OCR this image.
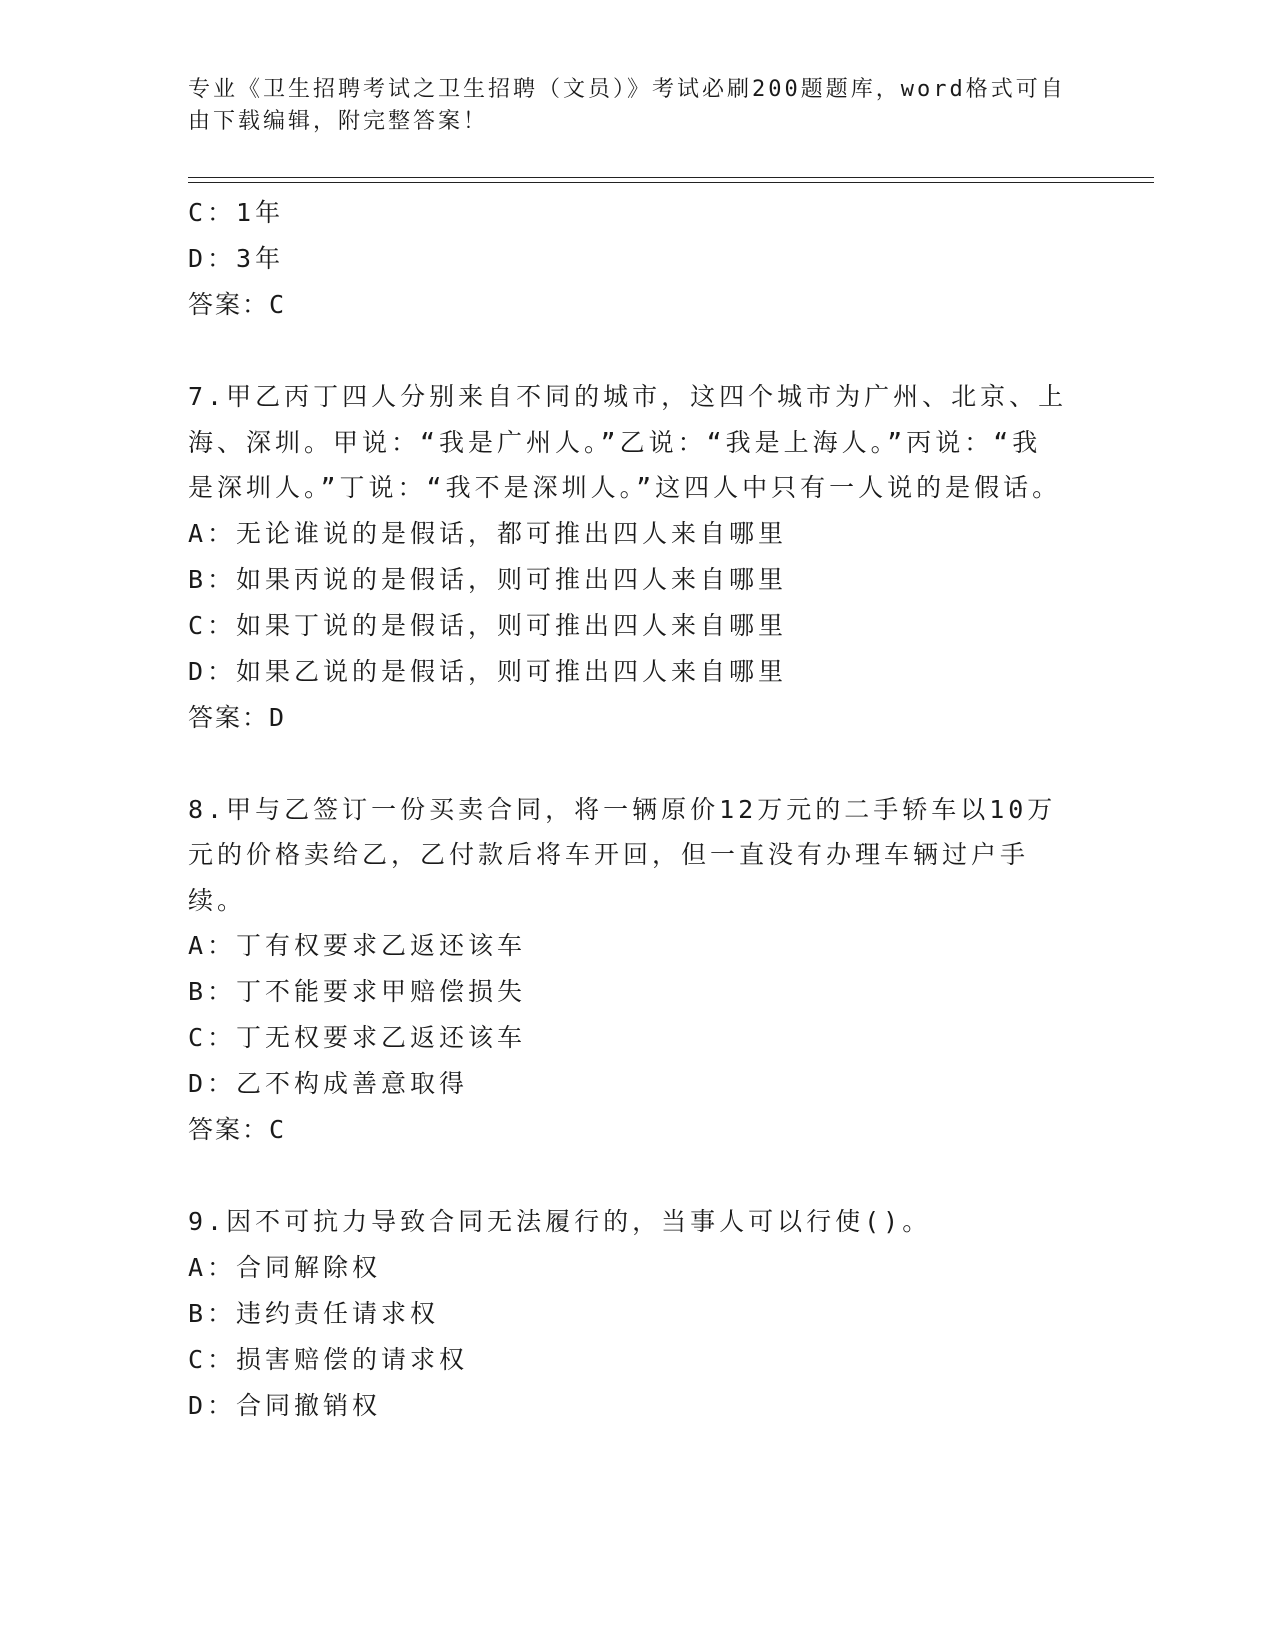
专业《卫生招聘考试之卫生招聘（文员）》考试必刷200题题库，word格式可自由下载编辑，附完整答案！
C：1年
D：3年
答案：C
7.甲乙丙丁四人分别来自不同的城市，这四个城市为广州、北京、上海、深圳。甲说：“我是广州人。”乙说：“我是上海人。”丙说：“我是深圳人。”丁说：“我不是深圳人。”这四人中只有一人说的是假话。
A：无论谁说的是假话，都可推出四人来自哪里
B：如果丙说的是假话，则可推出四人来自哪里
C：如果丁说的是假话，则可推出四人来自哪里
D：如果乙说的是假话，则可推出四人来自哪里
答案：D
8.甲与乙签订一份买卖合同，将一辆原价12万元的二手轿车以10万元的价格卖给乙，乙付款后将车开回，但一直没有办理车辆过户手续。
A：丁有权要求乙返还该车
B：丁不能要求甲赔偿损失
C：丁无权要求乙返还该车
D：乙不构成善意取得
答案：C
9.因不可抗力导致合同无法履行的，当事人可以行使()。
A：合同解除权
B：违约责任请求权
C：损害赔偿的请求权
D：合同撤销权
